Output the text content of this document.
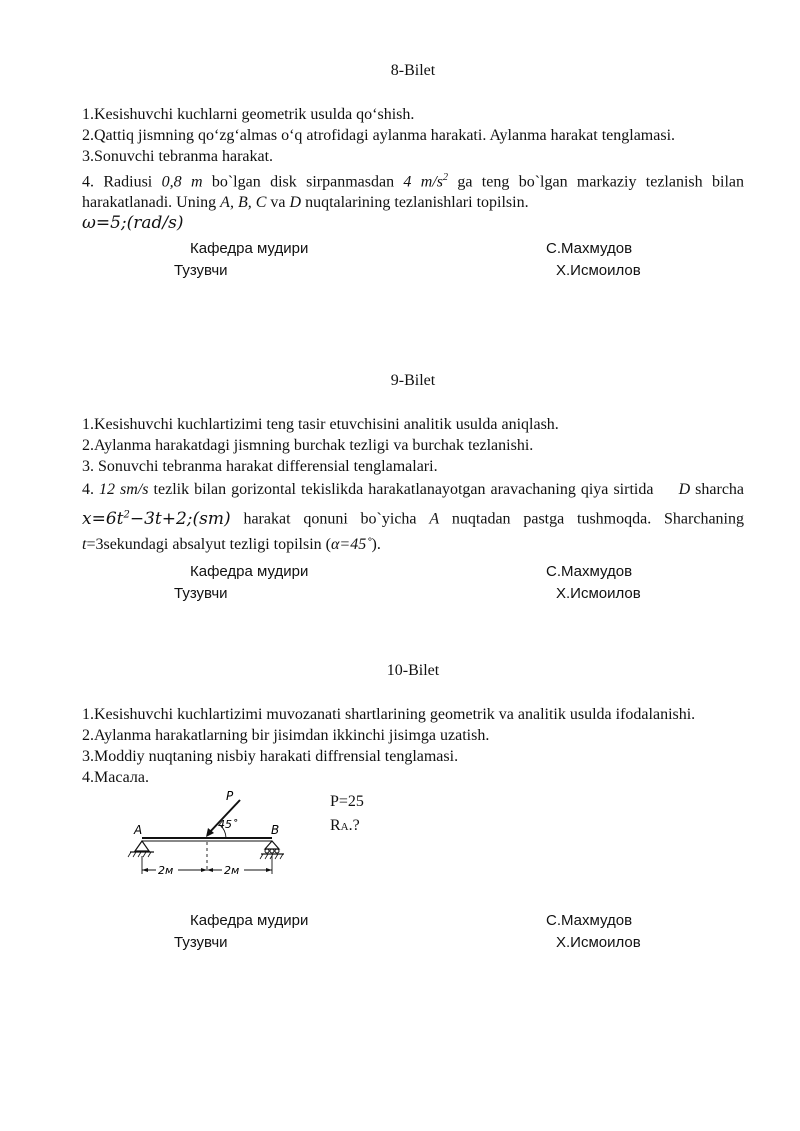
8-Bilet

1.Kesishuvchi kuchlarni geometrik usulda qo‘shish.

2.Qattiq jismning qo‘zg‘almas o‘q atrofidagi aylanma harakati. Aylanma harakat tenglamasi.

3.Sonuvchi tebranma harakat.

4. Radiusi 0,8 m bo`lgan disk sirpanmasdan 4 $m/s^2$ ga teng bo`lgan markaziy tezlanish bilan harakatlanadi. Uning A, B, C va D nuqtalarining tezlanishlari topilsin.
ω=5;(rad/s)

Кафедра мудири	С.Махмудов
Тузувчи	Х.Исмоилов
9-Bilet

1.Kesishuvchi kuchlartizimi teng tasir etuvchisini analitik usulda aniqlash.

2.Aylanma harakatdagi jismning burchak tezligi va burchak tezlanishi.

3. Sonuvchi tebranma harakat differensial tenglamalari.

4. 12 sm/s tezlik bilan gorizontal tekislikda harakatlanayotgan aravachaning qiya sirtida D sharcha $x=6t^2-3t+2;(sm)$ harakat qonuni bo`yicha A nuqtadan pastga tushmoqda. Sharchaning t=3sekundagi absalyut tezligi topilsin (α=45˚).

Кафедра мудири	С.Махмудов
Тузувчи	Х.Исмоилов
10-Bilet

1.Kesishuvchi kuchlartizimi muvozanati shartlarining geometrik va analitik usulda ifodalanishi.

2.Aylanma harakatlarning bir jisimdan ikkinchi jisimga uzatish.

3.Moddiy nuqtaning nisbiy harakati diffrensial tenglamasi.

4.Масала.

P
45˚
A	B
2м	2м
P=25
RA.?
Кафедра мудири	С.Махмудов
Тузувчи	Х.Исмоилов
